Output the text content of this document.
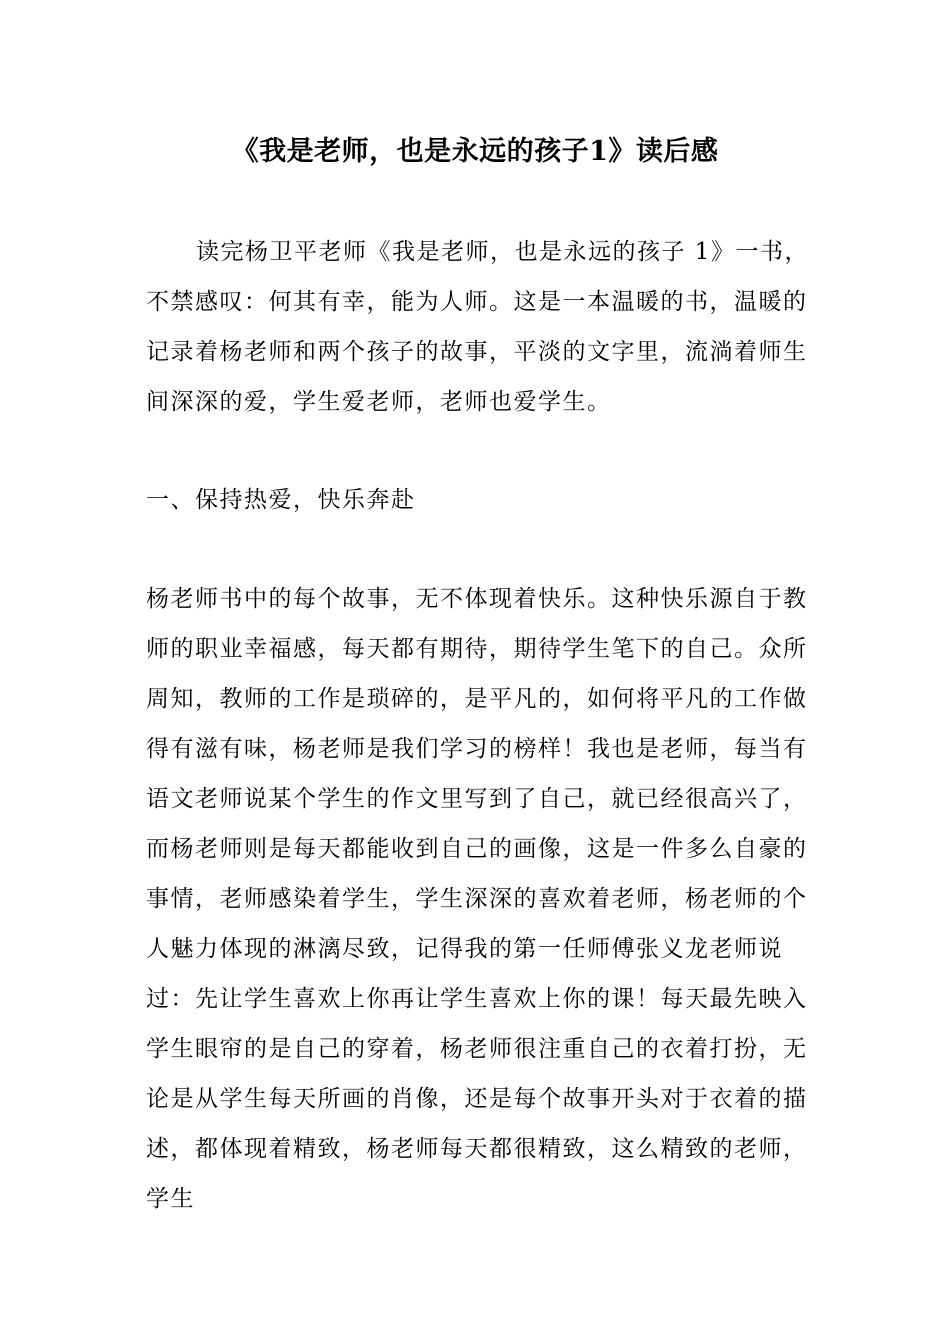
《我是老师，也是永远的孩子1》读后感

读完杨卫平老师《我是老师，也是永远的孩子 1》一书，不禁感叹：何其有幸，能为人师。这是一本温暖的书，温暖的记录着杨老师和两个孩子的故事，平淡的文字里，流淌着师生间深深的爱，学生爱老师，老师也爱学生。

一、保持热爱，快乐奔赴

杨老师书中的每个故事，无不体现着快乐。这种快乐源自于教师的职业幸福感，每天都有期待，期待学生笔下的自己。众所周知，教师的工作是琐碎的，是平凡的，如何将平凡的工作做得有滋有味，杨老师是我们学习的榜样！我也是老师，每当有语文老师说某个学生的作文里写到了自己，就已经很高兴了，而杨老师则是每天都能收到自己的画像，这是一件多么自豪的事情，老师感染着学生，学生深深的喜欢着老师，杨老师的个人魅力体现的淋漓尽致，记得我的第一任师傅张义龙老师说过：先让学生喜欢上你再让学生喜欢上你的课！每天最先映入学生眼帘的是自己的穿着，杨老师很注重自己的衣着打扮，无论是从学生每天所画的肖像，还是每个故事开头对于衣着的描述，都体现着精致，杨老师每天都很精致，这么精致的老师，学生
